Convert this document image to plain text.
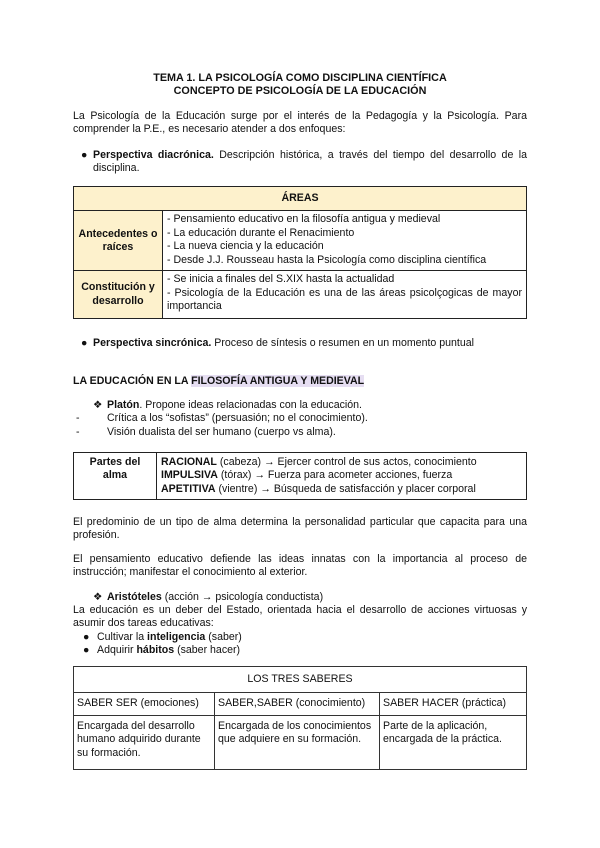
TEMA 1. LA PSICOLOGÍA COMO DISCIPLINA CIENTÍFICA
CONCEPTO DE PSICOLOGÍA DE LA EDUCACIÓN
La Psicología de la Educación surge por el interés de la Pedagogía y la Psicología. Para comprender la P.E., es necesario atender a dos enfoques:
● Perspectiva diacrónica. Descripción histórica, a través del tiempo del desarrollo de la disciplina.
ÁREAS	
Antecedentes o raíces	- Pensamiento educativo en la filosofía antigua y medieval
- La educación durante el Renacimiento
- La nueva ciencia y la educación
- Desde J.J. Rousseau hasta la Psicología como disciplina científica

Constitución y desarrollo	- Se inicia a finales del S.XIX hasta la actualidad
- Psicología de la Educación es una de las áreas psicolçogicas de mayor importancia
● Perspectiva sincrónica. Proceso de síntesis o resumen en un momento puntual
LA EDUCACIÓN EN LA FILOSOFÍA ANTIGUA Y MEDIEVAL
❖ Platón. Propone ideas relacionadas con la educación.
-	Crítica a los “sofistas” (persuasión; no el conocimiento).
-	Visión dualista del ser humano (cuerpo vs alma).
Partes del alma	
RACIONAL (cabeza) → Ejercer control de sus actos, conocimiento
IMPULSIVA (tórax) → Fuerza para acometer acciones, fuerza
APETITIVA (vientre) → Búsqueda de satisfacción y placer corporal
El predominio de un tipo de alma determina la personalidad particular que capacita para una profesión.
El pensamiento educativo defiende las ideas innatas con la importancia al proceso de instrucción; manifestar el conocimiento al exterior.
❖ Aristóteles (acción → psicología conductista)
La educación es un deber del Estado, orientada hacia el desarrollo de acciones virtuosas y asumir dos tareas educativas:
● Cultivar la inteligencia (saber)
● Adquirir hábitos (saber hacer)
LOS TRES SABERES		
SABER SER (emociones)	SABER,SABER (conocimiento)	SABER HACER (práctica)
Encargada del desarrollo humano adquirido durante su formación.	Encargada de los conocimientos que adquiere en su formación.	Parte de la aplicación, encargada de la práctica.
